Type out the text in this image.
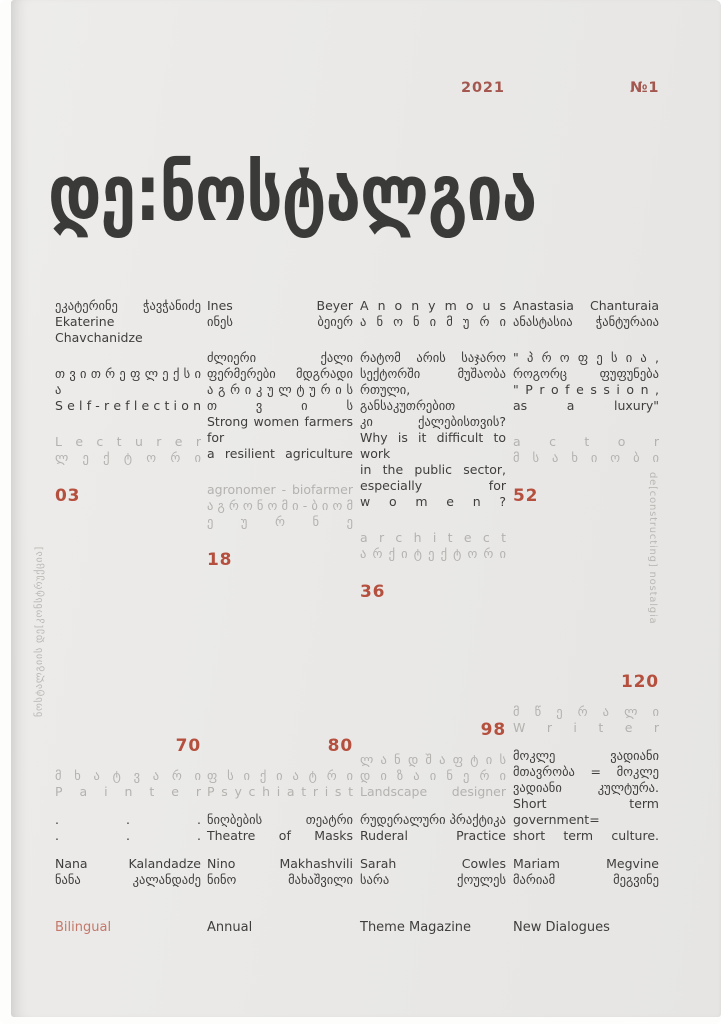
2021	№1
დე:ნოსტალგია
ნოსტალგიის დე[კონსტრუქცია]	de[constructing] nostalgia
ეკატერინე ჭავჭანიძე
Ekaterine Chavchanidze
თ ვ ი თ რ ე ფ ლ ე ქ ს ი ა
S e l f - r e f l e c t i o n
L e c t u r e r
ლ ე ქ ტ ო რ ი
03
Ines Beyer
ინეს ბეიერ
ძლიერი ქალი
ფერმერები მდგრადი
ა გ რ ი კ უ ლ ტ უ რ ი ს თ ვ ი ს
Strong women farmers for
a resilient agriculture
agronomer - biofarmer
ა გ რ ო ნ ო მ ი - ბ ი ო მ ე უ რ ნ ე
18
A n o n y m o u s
ა ნ ო ნ ი მ უ რ ი
რატომ არის საჯარო
სექტორში მუშაობა
რთული, განსაკუთრებით
კი ქალებისთვის?
Why is it difficult to work
in the public sector,
especially for
w o m e n ?
a r c h i t e c t
ა რ ქ ი ტ ე ქ ტ ო რ ი
36
Anastasia Chanturaia
ანასტასია ჭანტურაია
" პ რ ო ფ ე ს ი ა ,
როგორც ფუფუნება
" P r o f e s s i o n ,
as a luxury"
a c t o r
მ ს ა ხ ი ო ბ ი
52
70
მ ხ ა ტ ვ ა რ ი
P a i n t e r
. . .
. . .
Nana Kalandadze
ნანა კალანდაძე
80
ფ ს ი ქ ი ა ტ რ ი
P s y c h i a t r i s t
ნიღბების თეატრი
Theatre of Masks
Nino Makhashvili
ნინო მახაშვილი
98
ლ ა ნ დ შ ა ფ ტ ი ს
დ ი ზ ა ი ნ ე რ ი
Landscape designer
რუდერალური პრაქტიკა
Ruderal Practice
Sarah Cowles
სარა ქოულეს
120
მ წ ე რ ა ლ ი
W r i t e r
მოკლე ვადიანი
მთავრობა = მოკლე
ვადიანი კულტურა.
Short term government=
short term culture.
Mariam Megvine
მარიამ მეგვინე
Bilingual	Annual	Theme Magazine	New Dialogues
